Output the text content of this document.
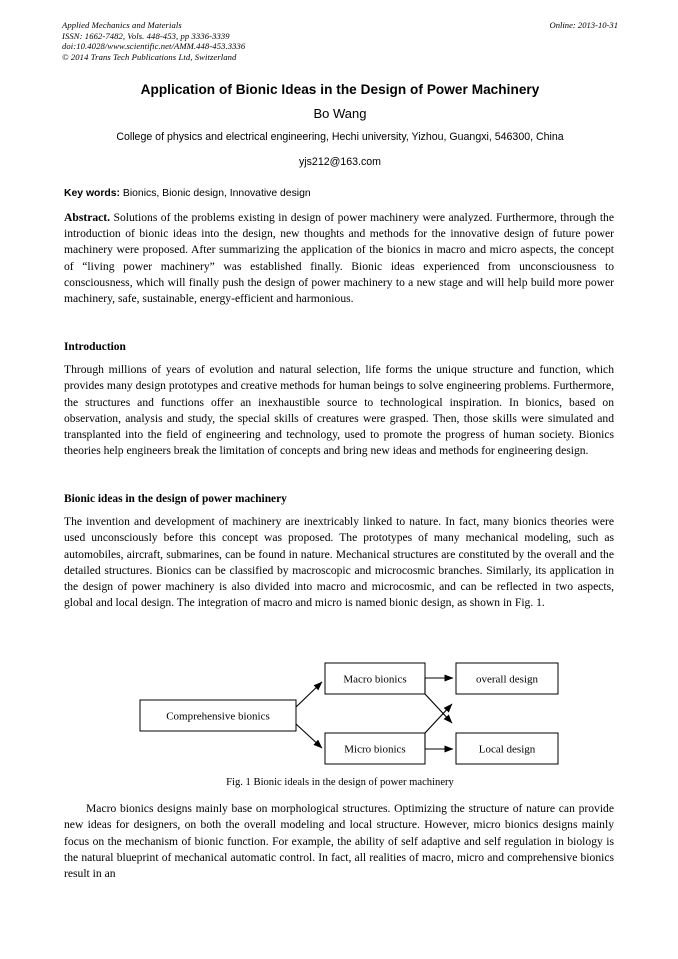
Applied Mechanics and Materials
ISSN: 1662-7482, Vols. 448-453, pp 3336-3339
doi:10.4028/www.scientific.net/AMM.448-453.3336
© 2014 Trans Tech Publications Ltd, Switzerland
Online: 2013-10-31
Application of Bionic Ideas in the Design of Power Machinery
Bo Wang
College of physics and electrical engineering, Hechi university, Yizhou, Guangxi, 546300, China
yjs212@163.com
Key words: Bionics, Bionic design, Innovative design
Abstract. Solutions of the problems existing in design of power machinery were analyzed. Furthermore, through the introduction of bionic ideas into the design, new thoughts and methods for the innovative design of future power machinery were proposed. After summarizing the application of the bionics in macro and micro aspects, the concept of “living power machinery” was established finally. Bionic ideas experienced from unconsciousness to consciousness, which will finally push the design of power machinery to a new stage and will help build more power machinery, safe, sustainable, energy-efficient and harmonious.
Introduction
Through millions of years of evolution and natural selection, life forms the unique structure and function, which provides many design prototypes and creative methods for human beings to solve engineering problems. Furthermore, the structures and functions offer an inexhaustible source to technological inspiration. In bionics, based on observation, analysis and study, the special skills of creatures were grasped. Then, those skills were simulated and transplanted into the field of engineering and technology, used to promote the progress of human society. Bionics theories help engineers break the limitation of concepts and bring new ideas and methods for engineering design.
Bionic ideas in the design of power machinery
The invention and development of machinery are inextricably linked to nature. In fact, many bionics theories were used unconsciously before this concept was proposed. The prototypes of many mechanical modeling, such as automobiles, aircraft, submarines, can be found in nature. Mechanical structures are constituted by the overall and the detailed structures. Bionics can be classified by macroscopic and microcosmic branches. Similarly, its application in the design of power machinery is also divided into macro and microcosmic, and can be reflected in two aspects, global and local design. The integration of macro and micro is named bionic design, as shown in Fig. 1.
Comprehensive bionics
Macro bionics
Micro bionics
overall design
Local design
Fig. 1 Bionic ideals in the design of power machinery
Macro bionics designs mainly base on morphological structures. Optimizing the structure of nature can provide new ideas for designers, on both the overall modeling and local structure. However, micro bionics designs mainly focus on the mechanism of bionic function. For example, the ability of self adaptive and self regulation in biology is the natural blueprint of mechanical automatic control. In fact, all realities of macro, micro and comprehensive bionics result in an
